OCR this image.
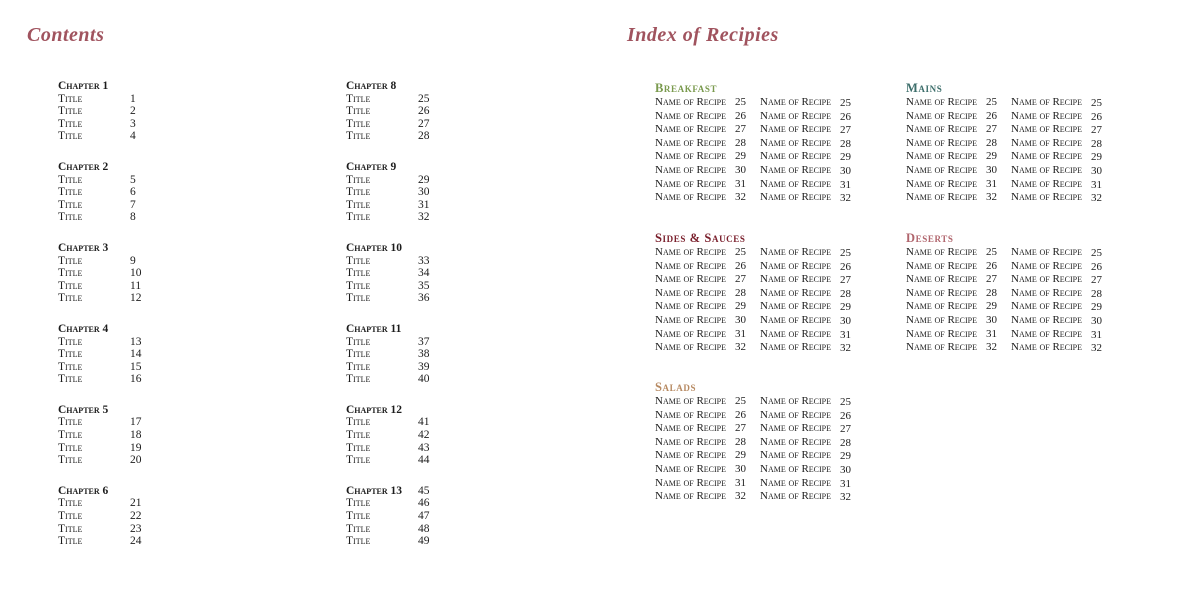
Contents
Chapter 1
Title	1
Title	2
Title	3
Title	4
Chapter 2
Title	5
Title	6
Title	7
Title	8
Chapter 3
Title	9
Title	10
Title	11
Title	12
Chapter 4
Title	13
Title	14
Title	15
Title	16
Chapter 5
Title	17
Title	18
Title	19
Title	20
Chapter 6
Title	21
Title	22
Title	23
Title	24
Chapter 8
Title	25
Title	26
Title	27
Title	28
Chapter 9
Title	29
Title	30
Title	31
Title	32
Chapter 10
Title	33
Title	34
Title	35
Title	36
Chapter 11
Title	37
Title	38
Title	39
Title	40
Chapter 12
Title	41
Title	42
Title	43
Title	44
Chapter 13	45
Title	46
Title	47
Title	48
Title	49
Index of Recipies
Breakfast
Name of Recipe 25
Name of Recipe 26
Name of Recipe 27
Name of Recipe 28
Name of Recipe 29
Name of Recipe 30
Name of Recipe 31
Name of Recipe 32
Name of Recipe 25
Name of Recipe 26
Name of Recipe 27
Name of Recipe 28
Name of Recipe 29
Name of Recipe 30
Name of Recipe 31
Name of Recipe 32
Mains
Name of Recipe 25
Name of Recipe 26
Name of Recipe 27
Name of Recipe 28
Name of Recipe 29
Name of Recipe 30
Name of Recipe 31
Name of Recipe 32
Name of Recipe 25
Name of Recipe 26
Name of Recipe 27
Name of Recipe 28
Name of Recipe 29
Name of Recipe 30
Name of Recipe 31
Name of Recipe 32
Sides & Sauces
Name of Recipe 25
Name of Recipe 26
Name of Recipe 27
Name of Recipe 28
Name of Recipe 29
Name of Recipe 30
Name of Recipe 31
Name of Recipe 32
Name of Recipe 25
Name of Recipe 26
Name of Recipe 27
Name of Recipe 28
Name of Recipe 29
Name of Recipe 30
Name of Recipe 31
Name of Recipe 32
Deserts
Name of Recipe 25
Name of Recipe 26
Name of Recipe 27
Name of Recipe 28
Name of Recipe 29
Name of Recipe 30
Name of Recipe 31
Name of Recipe 32
Name of Recipe 25
Name of Recipe 26
Name of Recipe 27
Name of Recipe 28
Name of Recipe 29
Name of Recipe 30
Name of Recipe 31
Name of Recipe 32
Salads
Name of Recipe 25
Name of Recipe 26
Name of Recipe 27
Name of Recipe 28
Name of Recipe 29
Name of Recipe 30
Name of Recipe 31
Name of Recipe 32
Name of Recipe 25
Name of Recipe 26
Name of Recipe 27
Name of Recipe 28
Name of Recipe 29
Name of Recipe 30
Name of Recipe 31
Name of Recipe 32
